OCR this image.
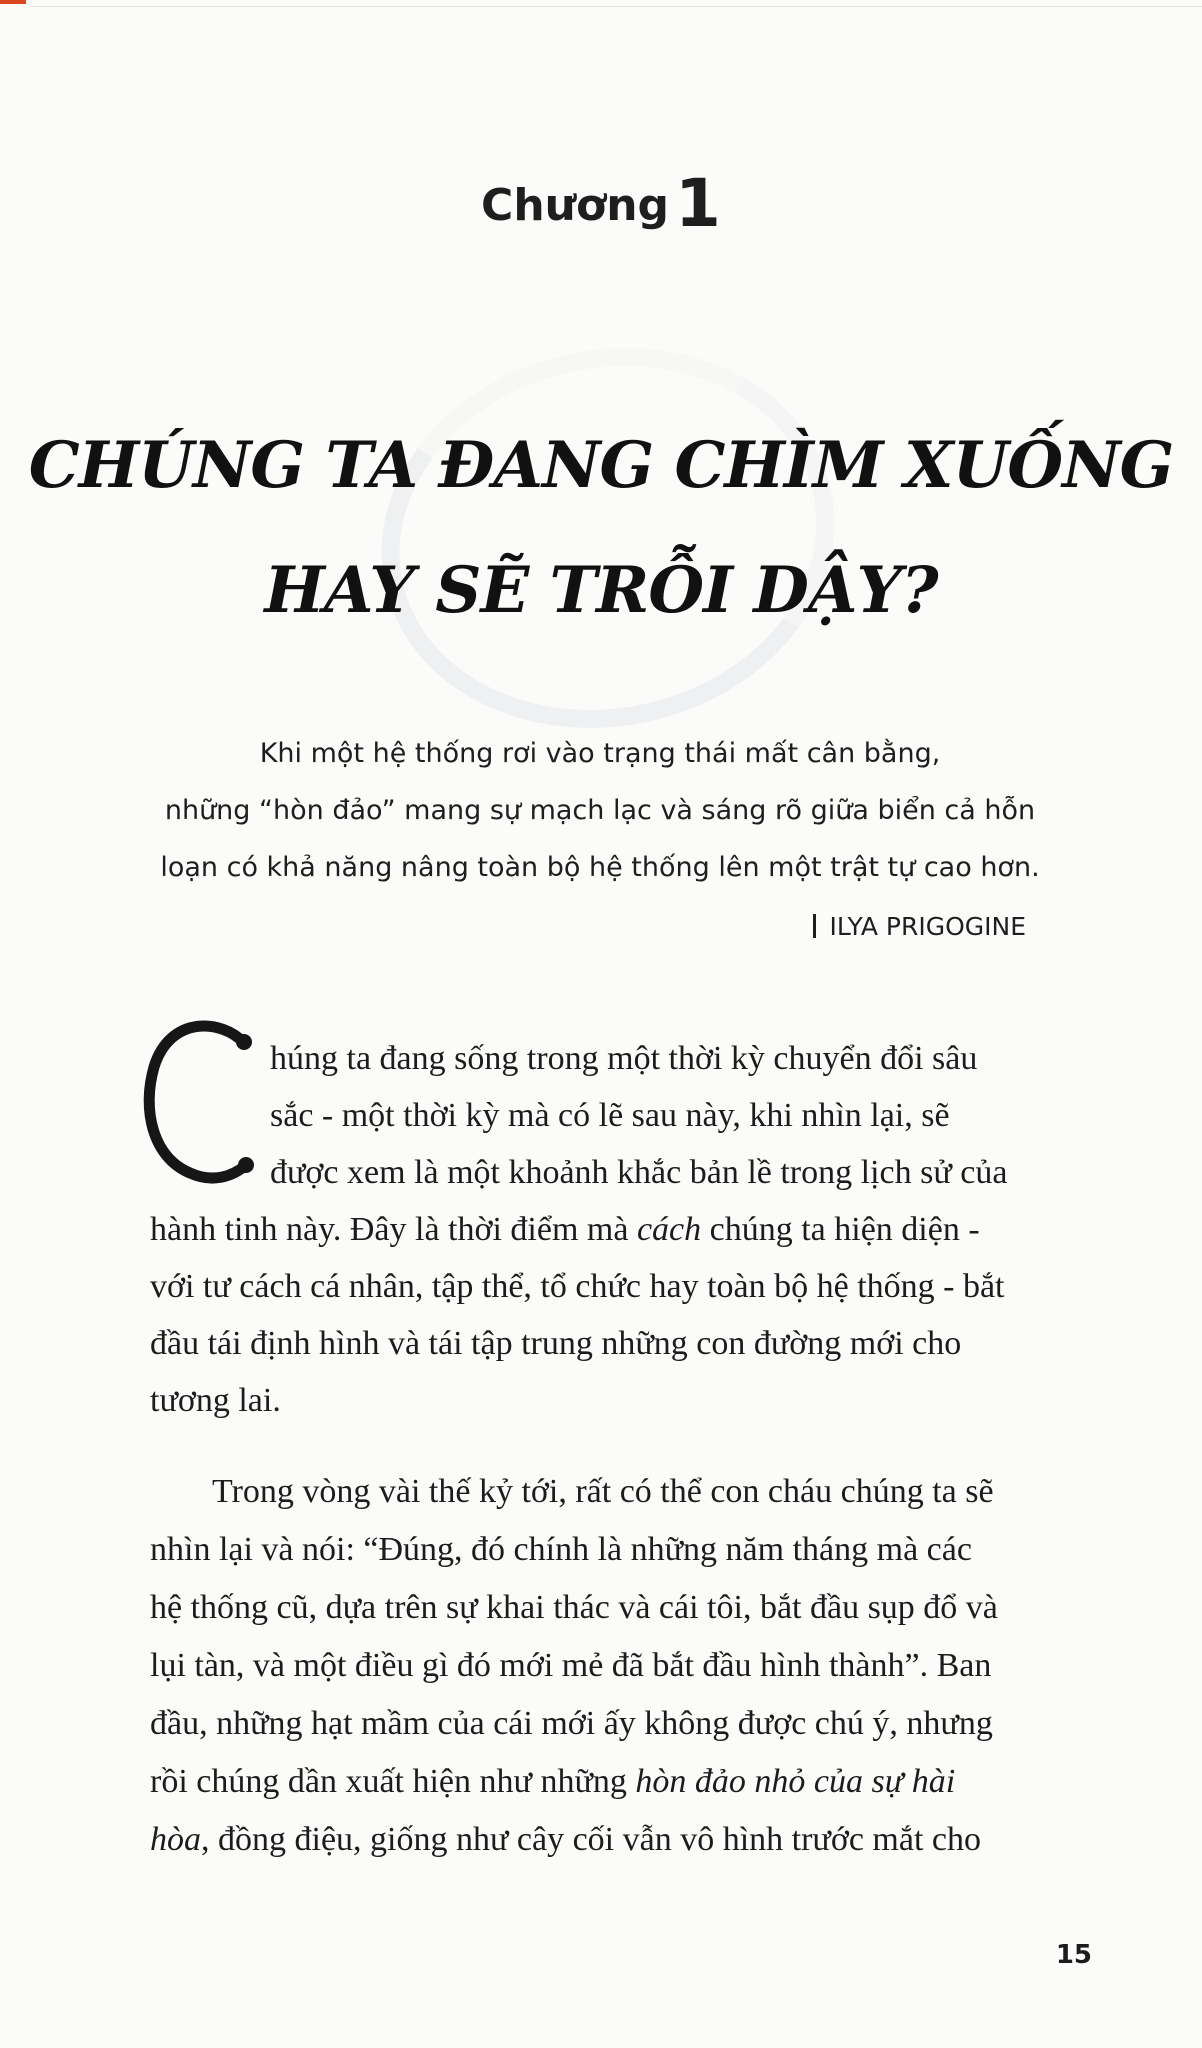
Chương1
CHÚNG TA ĐANG CHÌM XUỐNG
HAY SẼ TRỖI DẬY?
Khi một hệ thống rơi vào trạng thái mất cân bằng,
những “hòn đảo” mang sự mạch lạc và sáng rõ giữa biển cả hỗn
loạn có khả năng nâng toàn bộ hệ thống lên một trật tự cao hơn.
ILYA PRIGOGINE
húng ta đang sống trong một thời kỳ chuyển đổi sâu
sắc - một thời kỳ mà có lẽ sau này, khi nhìn lại, sẽ
được xem là một khoảnh khắc bản lề trong lịch sử của
hành tinh này. Đây là thời điểm mà cách chúng ta hiện diện -
với tư cách cá nhân, tập thể, tổ chức hay toàn bộ hệ thống - bắt
đầu tái định hình và tái tập trung những con đường mới cho
tương lai.
Trong vòng vài thế kỷ tới, rất có thể con cháu chúng ta sẽ
nhìn lại và nói: “Đúng, đó chính là những năm tháng mà các
hệ thống cũ, dựa trên sự khai thác và cái tôi, bắt đầu sụp đổ và
lụi tàn, và một điều gì đó mới mẻ đã bắt đầu hình thành”. Ban
đầu, những hạt mầm của cái mới ấy không được chú ý, nhưng
rồi chúng dần xuất hiện như những hòn đảo nhỏ của sự hài
hòa, đồng điệu, giống như cây cối vẫn vô hình trước mắt cho
15
